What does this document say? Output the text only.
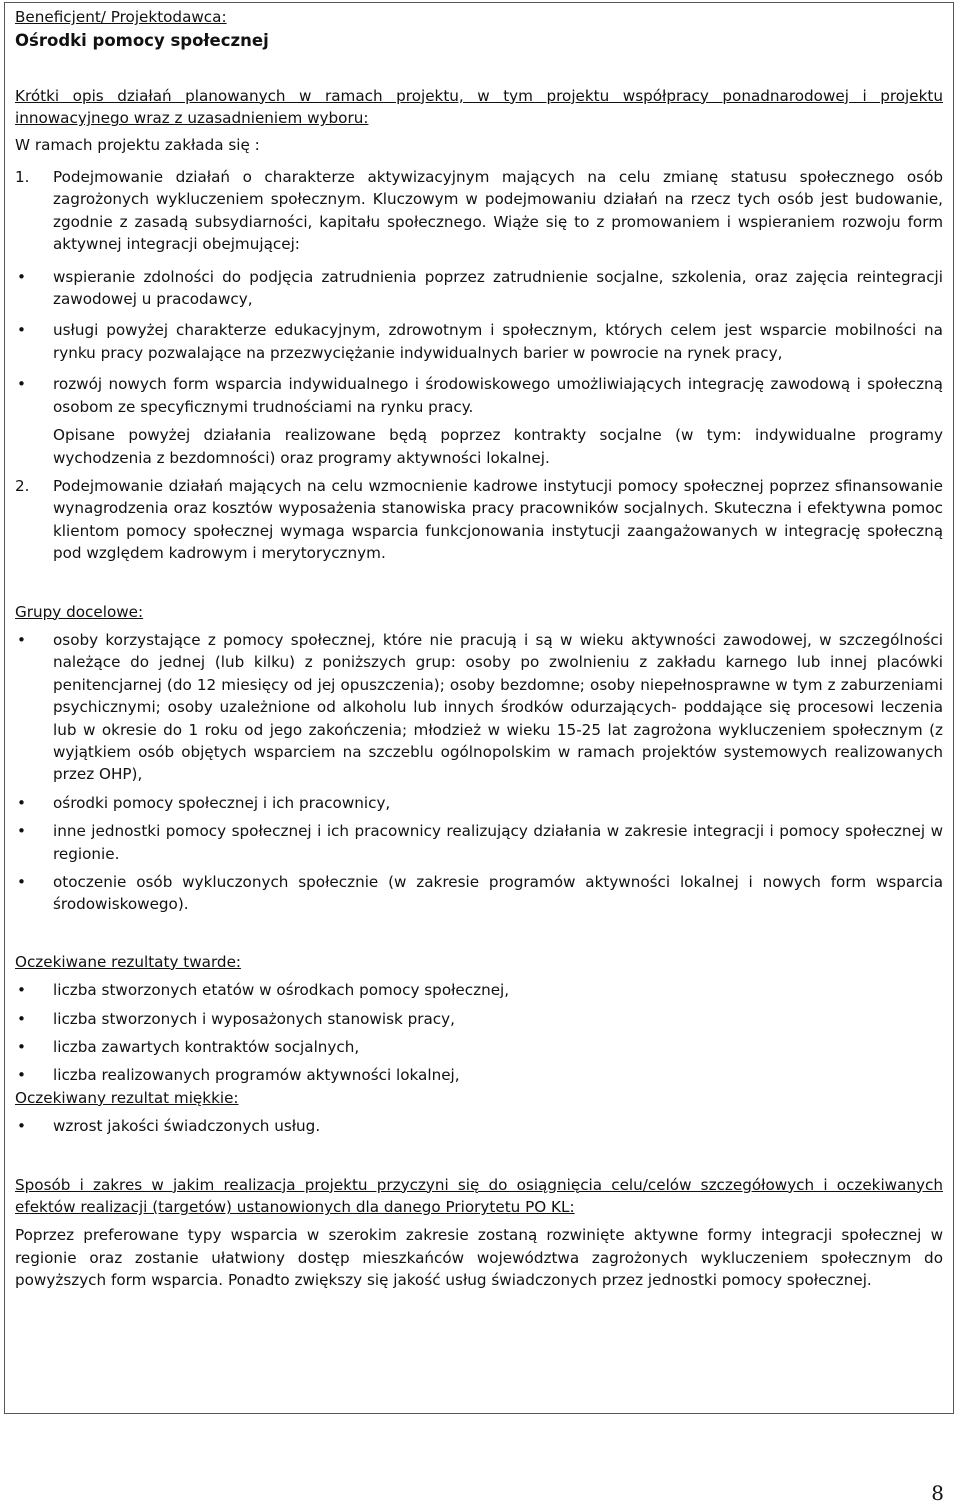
Beneficjent/ Projektodawca:
Ośrodki pomocy społecznej
Krótki opis działań planowanych w ramach projektu, w tym projektu współpracy ponadnarodowej i projektu innowacyjnego wraz z uzasadnieniem wyboru:
W ramach projektu zakłada się :
1. Podejmowanie działań o charakterze aktywizacyjnym mających na celu zmianę statusu społecznego osób zagrożonych wykluczeniem społecznym. Kluczowym w podejmowaniu działań na rzecz tych osób jest budowanie, zgodnie z zasadą subsydiarności, kapitału społecznego. Wiąże się to z promowaniem i wspieraniem rozwoju form aktywnej integracji obejmującej:
• wspieranie zdolności do podjęcia zatrudnienia poprzez zatrudnienie socjalne, szkolenia, oraz zajęcia reintegracji zawodowej u pracodawcy,
• usługi powyżej charakterze edukacyjnym, zdrowotnym i społecznym, których celem jest wsparcie mobilności na rynku pracy pozwalające na przezwyciężanie indywidualnych barier w powrocie na rynek pracy,
• rozwój nowych form wsparcia indywidualnego i środowiskowego umożliwiających integrację zawodową i społeczną osobom ze specyficznymi trudnościami na rynku pracy.
Opisane powyżej działania realizowane będą poprzez kontrakty socjalne (w tym: indywidualne programy wychodzenia z bezdomności) oraz programy aktywności lokalnej.
2. Podejmowanie działań mających na celu wzmocnienie kadrowe instytucji pomocy społecznej poprzez sfinansowanie wynagrodzenia oraz kosztów wyposażenia stanowiska pracy pracowników socjalnych. Skuteczna i efektywna pomoc klientom pomocy społecznej wymaga wsparcia funkcjonowania instytucji zaangażowanych w integrację społeczną pod względem kadrowym i merytorycznym.
Grupy docelowe:
• osoby korzystające z pomocy społecznej, które nie pracują i są w wieku aktywności zawodowej, w szczególności należące do jednej (lub kilku) z poniższych grup: osoby po zwolnieniu z zakładu karnego lub innej placówki penitencjarnej (do 12 miesięcy od jej opuszczenia); osoby bezdomne; osoby niepełnosprawne w tym z zaburzeniami psychicznymi; osoby uzależnione od alkoholu lub innych środków odurzających- poddające się procesowi leczenia lub w okresie do 1 roku od jego zakończenia; młodzież w wieku 15-25 lat zagrożona wykluczeniem społecznym (z wyjątkiem osób objętych wsparciem na szczeblu ogólnopolskim w ramach projektów systemowych realizowanych przez OHP),
• ośrodki pomocy społecznej i ich pracownicy,
• inne jednostki pomocy społecznej i ich pracownicy realizujący działania w zakresie integracji i pomocy społecznej w regionie.
• otoczenie osób wykluczonych społecznie (w zakresie programów aktywności lokalnej i nowych form wsparcia środowiskowego).
Oczekiwane rezultaty twarde:
• liczba stworzonych etatów w ośrodkach pomocy społecznej,
• liczba stworzonych i wyposażonych stanowisk pracy,
• liczba zawartych kontraktów socjalnych,
• liczba realizowanych programów aktywności lokalnej,
Oczekiwany rezultat miękkie:
• wzrost jakości świadczonych usług.
Sposób i zakres w jakim realizacja projektu przyczyni się do osiągnięcia celu/celów szczegółowych i oczekiwanych efektów realizacji (targetów) ustanowionych dla danego Priorytetu PO KL:
Poprzez preferowane typy wsparcia w szerokim zakresie zostaną rozwinięte aktywne formy integracji społecznej w regionie oraz zostanie ułatwiony dostęp mieszkańców województwa zagrożonych wykluczeniem społecznym do powyższych form wsparcia. Ponadto zwiększy się jakość usług świadczonych przez jednostki pomocy społecznej.
8
